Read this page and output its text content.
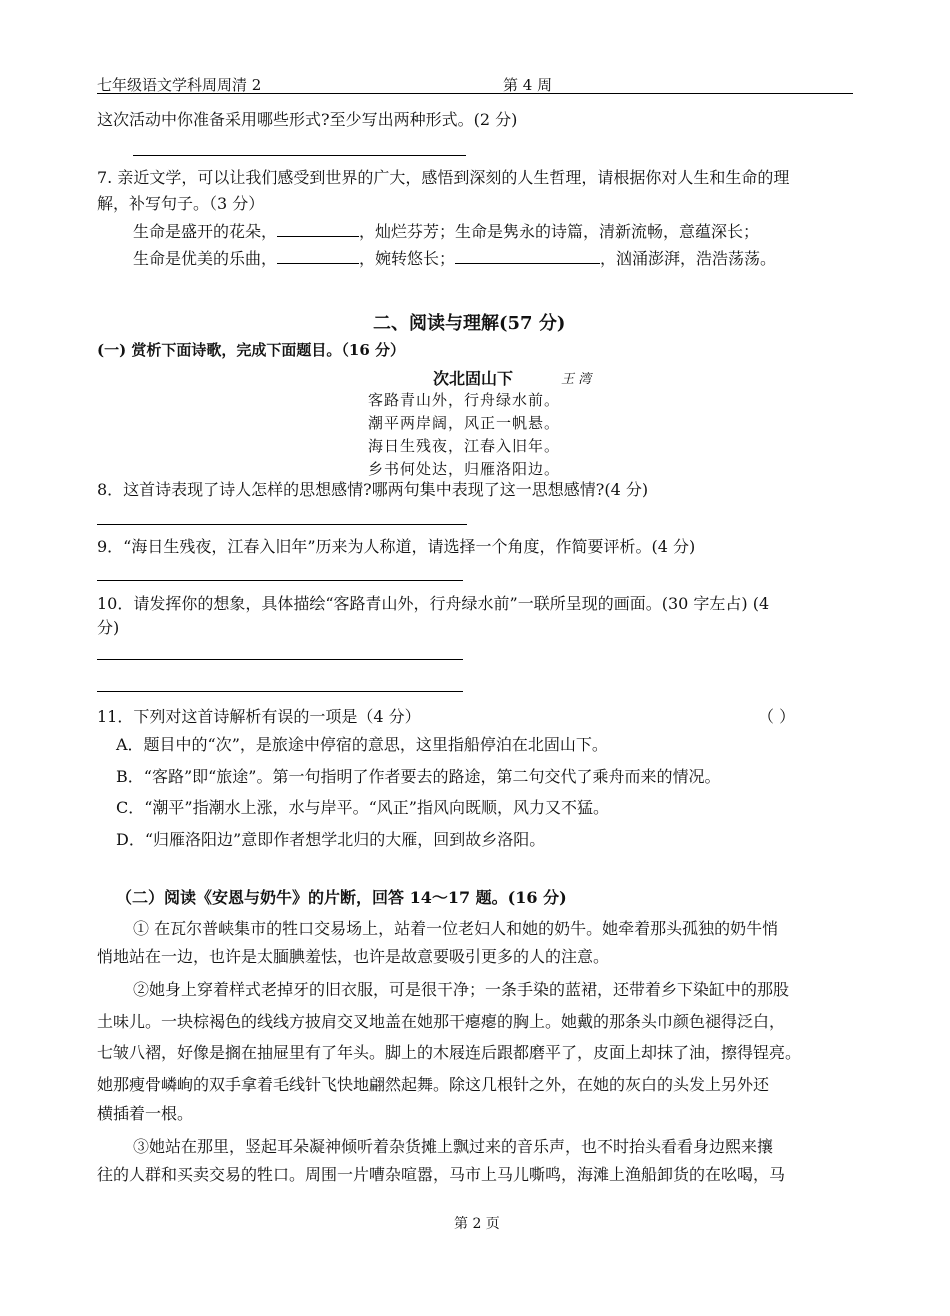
七年级语文学科周周清 2	第 4 周
这次活动中你准备采用哪些形式?至少写出两种形式。(2 分)
7. 亲近文学，可以让我们感受到世界的广大，感悟到深刻的人生哲理，请根据你对人生和生命的理
解，补写句子。（3 分）
生命是盛开的花朵，	，灿烂芬芳；生命是隽永的诗篇，清新流畅，意蕴深长；
生命是优美的乐曲，	，婉转悠长；	，汹涌澎湃，浩浩荡荡。
二、阅读与理解(57 分)
(一) 赏析下面诗歌，完成下面题目。（16 分）
次北固山下	王 湾
客路青山外，行舟绿水前。
潮平两岸阔，风正一帆悬。
海日生残夜，江春入旧年。
乡书何处达，归雁洛阳边。
8．这首诗表现了诗人怎样的思想感情?哪两句集中表现了这一思想感情?(4 分)
9．“海日生残夜，江春入旧年”历来为人称道，请选择一个角度，作简要评析。(4 分)
10．请发挥你的想象，具体描绘“客路青山外，行舟绿水前”一联所呈现的画面。(30 字左占) (4
分)
11．下列对这首诗解析有误的一项是（4 分）	（ ）
A．题目中的“次”，是旅途中停宿的意思，这里指船停泊在北固山下。
B．“客路”即“旅途”。第一句指明了作者要去的路途，第二句交代了乘舟而来的情况。
C．“潮平”指潮水上涨，水与岸平。“风正”指风向既顺，风力又不猛。
D．“归雁洛阳边”意即作者想学北归的大雁，回到故乡洛阳。
（二）阅读《安恩与奶牛》的片断，回答 14～17 题。(16 分)
① 在瓦尔普峡集市的牲口交易场上，站着一位老妇人和她的奶牛。她牵着那头孤独的奶牛悄
悄地站在一边，也许是太腼腆羞怯，也许是故意要吸引更多的人的注意。
②她身上穿着样式老掉牙的旧衣服，可是很干净；一条手染的蓝裙，还带着乡下染缸中的那股
土味儿。一块棕褐色的线线方披肩交叉地盖在她那干瘪瘪的胸上。她戴的那条头巾颜色褪得泛白，
七皱八褶，好像是搁在抽屉里有了年头。脚上的木屐连后跟都磨平了，皮面上却抹了油，擦得锃亮。
她那瘦骨嶙峋的双手拿着毛线针飞快地翩然起舞。除这几根针之外，在她的灰白的头发上另外还
横插着一根。
③她站在那里，竖起耳朵凝神倾听着杂货摊上飘过来的音乐声，也不时抬头看看身边熙来攘
往的人群和买卖交易的牲口。周围一片嘈杂喧嚣，马市上马儿嘶鸣，海滩上渔船卸货的在吆喝，马
第 2 页
